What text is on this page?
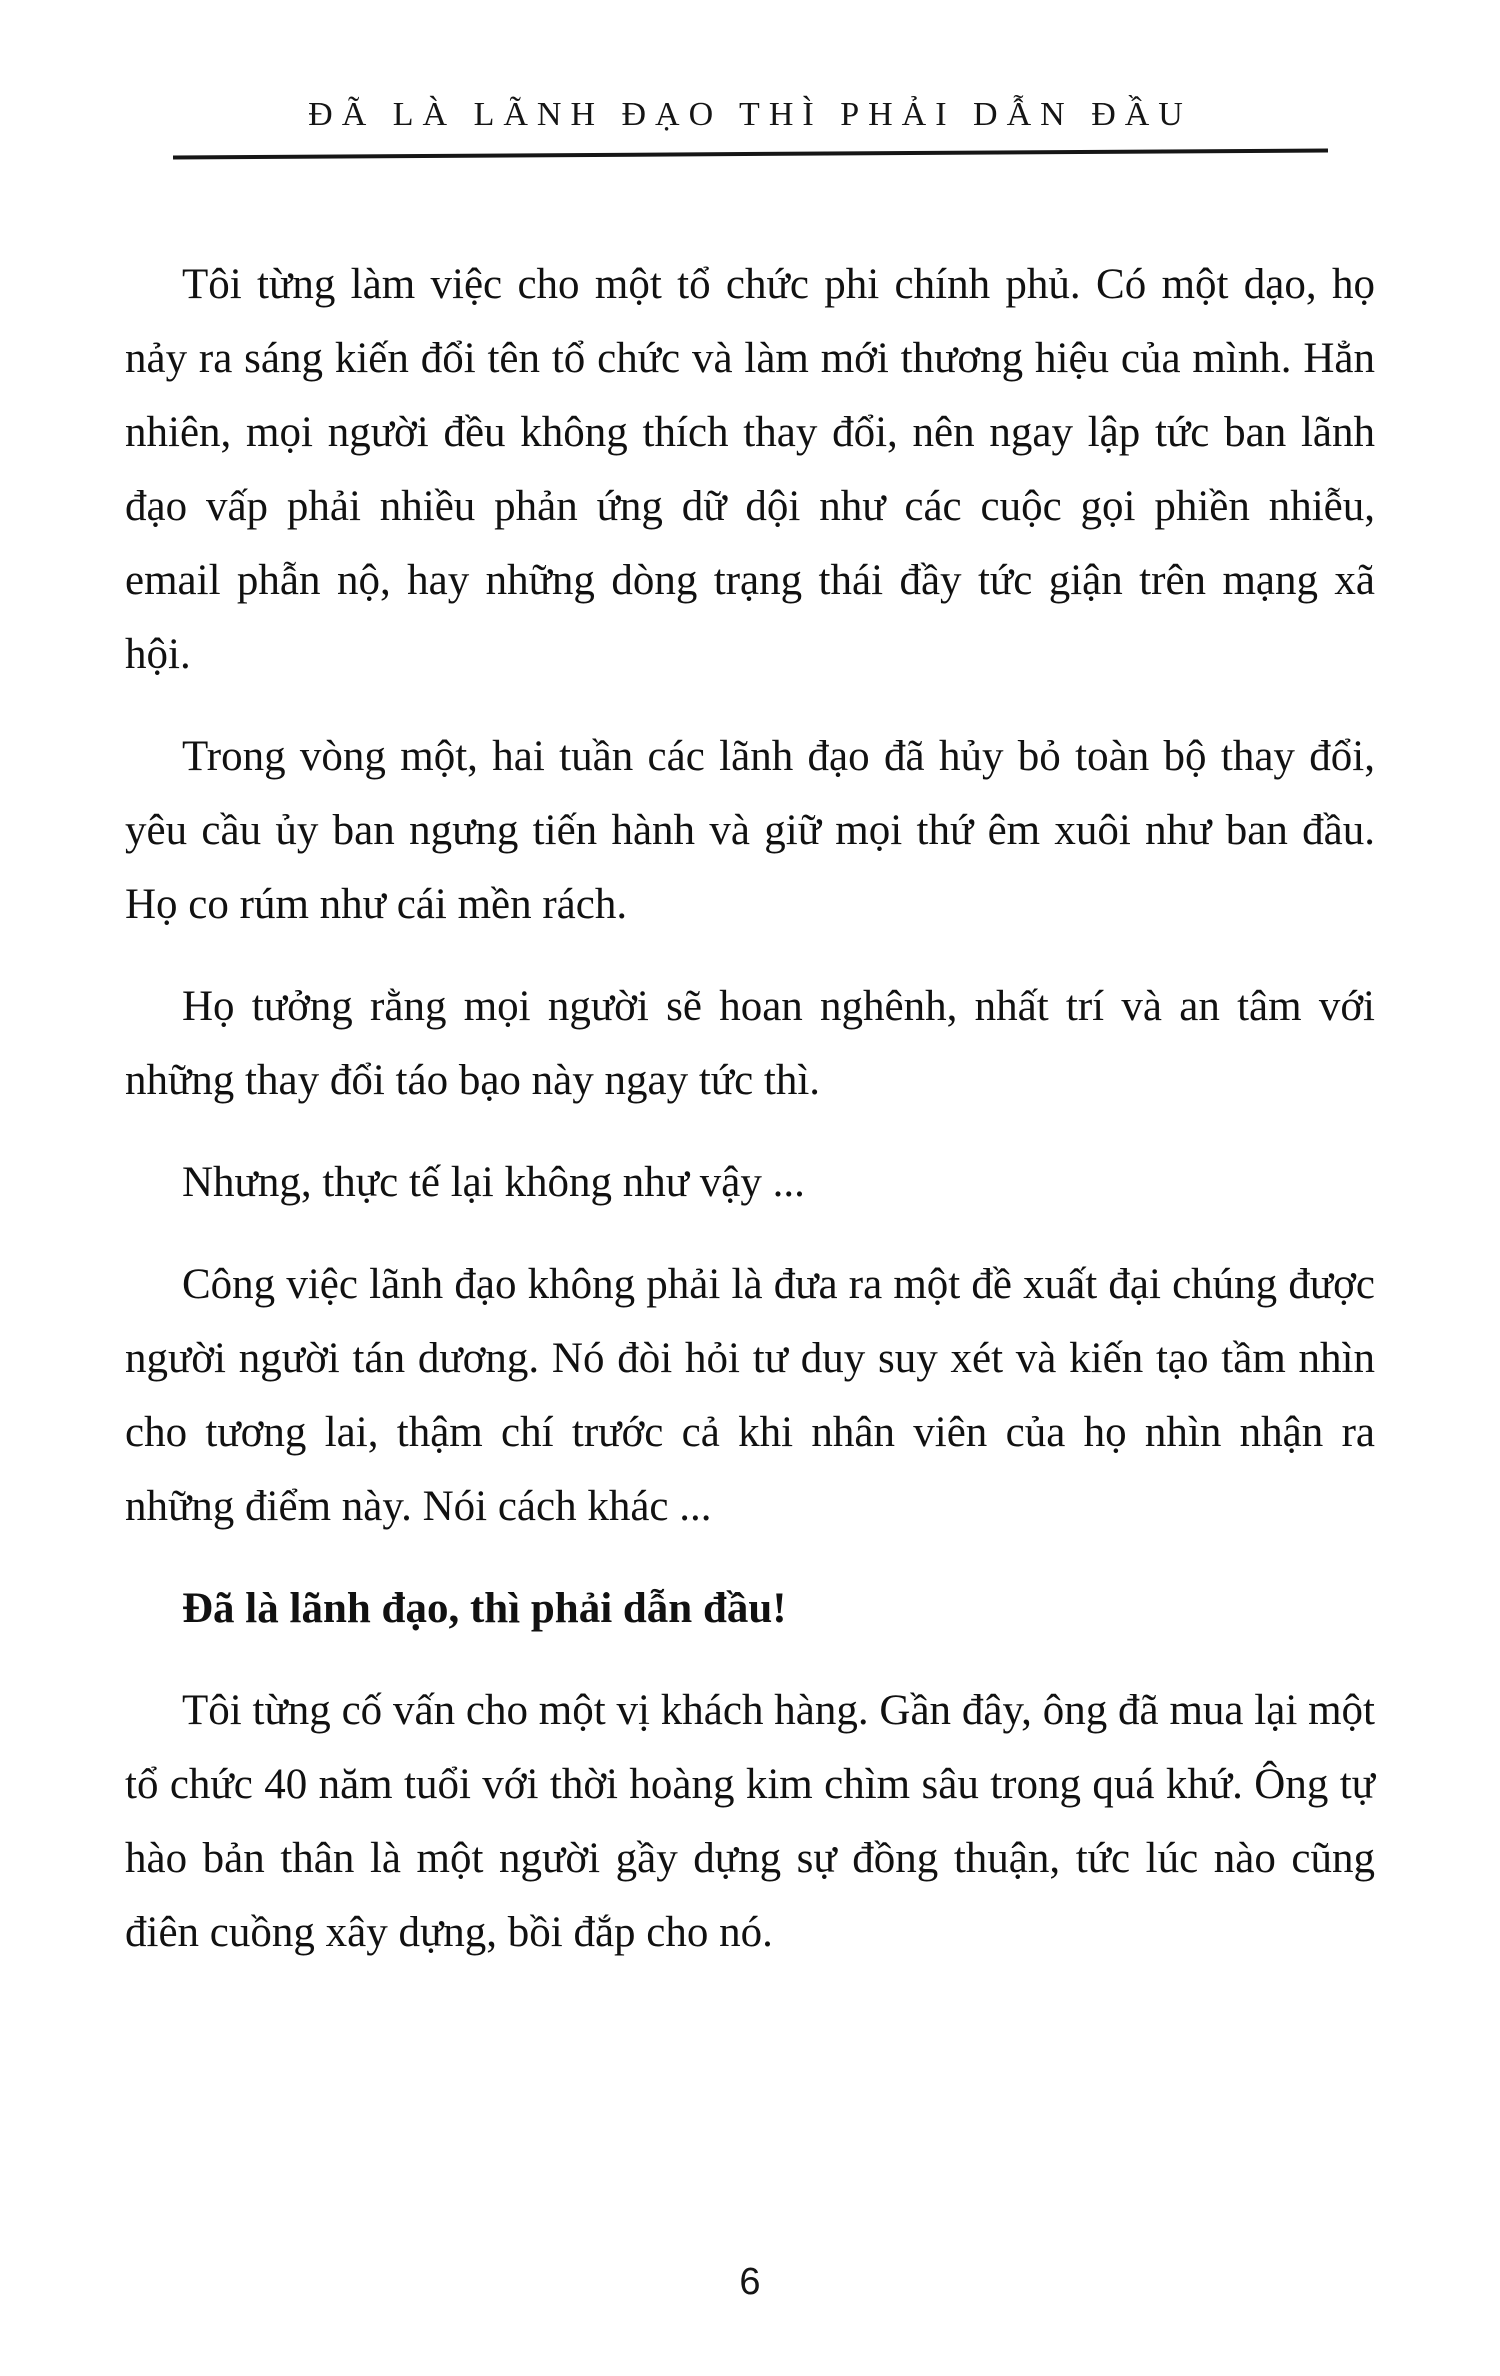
ĐÃ LÀ LÃNH ĐẠO THÌ PHẢI DẪN ĐẦU

Tôi từng làm việc cho một tổ chức phi chính phủ. Có một dạo, họ nảy ra sáng kiến đổi tên tổ chức và làm mới thương hiệu của mình. Hẳn nhiên, mọi người đều không thích thay đổi, nên ngay lập tức ban lãnh đạo vấp phải nhiều phản ứng dữ dội như các cuộc gọi phiền nhiễu, email phẫn nộ, hay những dòng trạng thái đầy tức giận trên mạng xã hội.

Trong vòng một, hai tuần các lãnh đạo đã hủy bỏ toàn bộ thay đổi, yêu cầu ủy ban ngưng tiến hành và giữ mọi thứ êm xuôi như ban đầu. Họ co rúm như cái mền rách.

Họ tưởng rằng mọi người sẽ hoan nghênh, nhất trí và an tâm với những thay đổi táo bạo này ngay tức thì.

Nhưng, thực tế lại không như vậy ...

Công việc lãnh đạo không phải là đưa ra một đề xuất đại chúng được người người tán dương. Nó đòi hỏi tư duy suy xét và kiến tạo tầm nhìn cho tương lai, thậm chí trước cả khi nhân viên của họ nhìn nhận ra những điểm này. Nói cách khác ...

Đã là lãnh đạo, thì phải dẫn đầu!

Tôi từng cố vấn cho một vị khách hàng. Gần đây, ông đã mua lại một tổ chức 40 năm tuổi với thời hoàng kim chìm sâu trong quá khứ. Ông tự hào bản thân là một người gầy dựng sự đồng thuận, tức lúc nào cũng điên cuồng xây dựng, bồi đắp cho nó.

6
